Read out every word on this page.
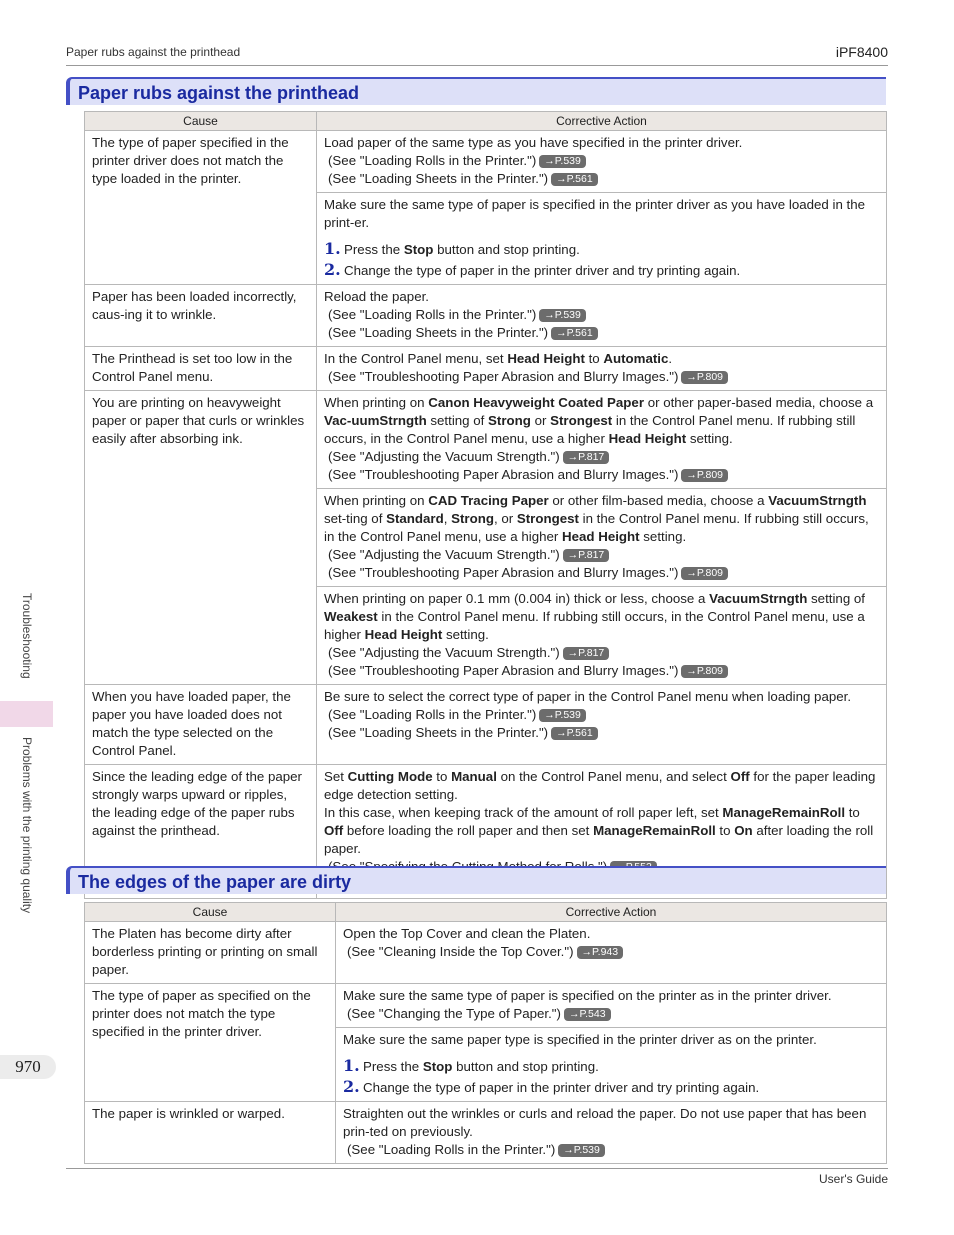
Paper rubs against the printhead	iPF8400
Paper rubs against the printhead
Cause	Corrective Action
The type of paper specified in the printer driver does not match the type loaded in the printer.	Load paper of the same type as you have specified in the printer driver.
(See "Loading Rolls in the Printer.") →P.539
(See "Loading Sheets in the Printer.") →P.561

	Make sure the same type of paper is specified in the printer driver as you have loaded in the print-er.
1. Press the Stop button and stop printing.
2. Change the type of paper in the printer driver and try printing again.

Paper has been loaded incorrectly, caus-ing it to wrinkle.	Reload the paper.
(See "Loading Rolls in the Printer.") →P.539
(See "Loading Sheets in the Printer.") →P.561

The Printhead is set too low in the Control Panel menu.	In the Control Panel menu, set Head Height to Automatic.
(See "Troubleshooting Paper Abrasion and Blurry Images.") →P.809

You are printing on heavyweight paper or paper that curls or wrinkles easily after absorbing ink.	When printing on Canon Heavyweight Coated Paper or other paper-based media, choose a Vac-uumStrngth setting of Strong or Strongest in the Control Panel menu. If rubbing still occurs, in the Control Panel menu, use a higher Head Height setting.
(See "Adjusting the Vacuum Strength.") →P.817
(See "Troubleshooting Paper Abrasion and Blurry Images.") →P.809

	When printing on CAD Tracing Paper or other film-based media, choose a VacuumStrngth set-ting of Standard, Strong, or Strongest in the Control Panel menu. If rubbing still occurs, in the Control Panel menu, use a higher Head Height setting.
(See "Adjusting the Vacuum Strength.") →P.817
(See "Troubleshooting Paper Abrasion and Blurry Images.") →P.809

	When printing on paper 0.1 mm (0.004 in) thick or less, choose a VacuumStrngth setting of Weakest in the Control Panel menu. If rubbing still occurs, in the Control Panel menu, use a higher Head Height setting.
(See "Adjusting the Vacuum Strength.") →P.817
(See "Troubleshooting Paper Abrasion and Blurry Images.") →P.809

When you have loaded paper, the paper you have loaded does not match the type selected on the Control Panel.	Be sure to select the correct type of paper in the Control Panel menu when loading paper.
(See "Loading Rolls in the Printer.") →P.539
(See "Loading Sheets in the Printer.") →P.561

Since the leading edge of the paper strongly warps upward or ripples, the leading edge of the paper rubs against the printhead.	Set Cutting Mode to Manual on the Control Panel menu, and select Off for the paper leading edge detection setting.
In this case, when keeping track of the amount of roll paper left, set ManageRemainRoll to Off before loading the roll paper and then set ManageRemainRoll to On after loading the roll paper.
The edges of the paper are dirty
Cause	Corrective Action
The Platen has become dirty after borderless printing or printing on small paper.	Open the Top Cover and clean the Platen.
(See "Cleaning Inside the Top Cover.") →P.943

The type of paper as specified on the printer does not match the type specified in the printer driver.	Make sure the same type of paper is specified on the printer as in the printer driver.
(See "Changing the Type of Paper.") →P.543

	Make sure the same paper type is specified in the printer driver as on the printer.
1. Press the Stop button and stop printing.
2. Change the type of paper in the printer driver and try printing again.

The paper is wrinkled or warped.	Straighten out the wrinkles or curls and reload the paper. Do not use paper that has been prin-ted on previously.
(See "Loading Rolls in the Printer.") →P.539
Troubleshooting
Problems with the printing quality
970
User's Guide
